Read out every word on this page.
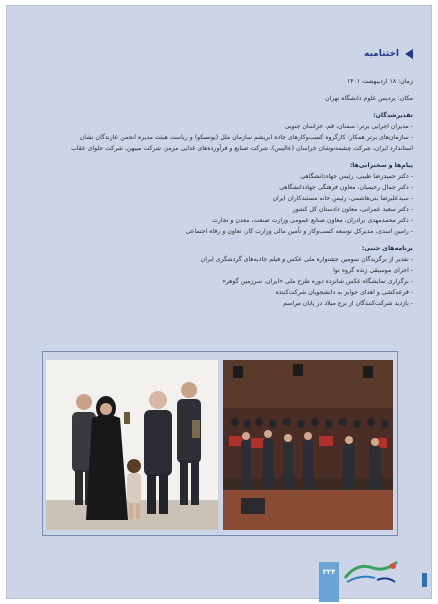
اختتامیه

زمان: ۱۸ اردیبهشت ۱۴۰۱

مکان: پردیس علوم دانشگاه تهران

تقدیرشدگان:

- مدیران اجرایی برتر: سمنان، قم، خراسان جنوبی

- سازمان‌های برتر همکار: کارگروه کسب‌وکارهای جاده ابریشم سازمان ملل (یونسکو) و ریاست هیئت مدیره انجمن عارندگان نشان

استاندارد ایران، شرکت چشمه‌نوشان خراسان (عالیس)، شرکت صنایع و فرآورده‌های غذایی مزمز، شرکت مییهن، شرکت حلوای عقاب

پیام‌ها و سخنرانی‌ها:

- دکتر حمیدرضا طیبی، رئیس جهاددانشگاهی

- دکتر جمال رحیمیان، معاون فرهنگی جهاددانشگاهی

- سیدعلیرضا بنی‌هاشمی، رئیس خانه مستندکاران ایران

- دکتر سعید عمرانی، معاون دادستان کل کشور

- دکتر محمدمهدی برادران، معاون صنایع عمومی وزارت صنعت، معدن و تجارت

- رامین اسدی، مدیرکل توسعه کسب‌وکار و تأمین مالی وزارت کار، تعاون و رفاه اجتماعی

برنامه‌های جنبی:

- تقدیر از برگزیدگان سومین جشنواره ملی عکس و فیلم جاذبه‌های گردشگری ایران

- اجرای موسیقی زنده گروه نوا

- برگزاری نمایشگاه عکس شانزده دوره طرح ملی «ایران، سرزمین گوهر»

- قرعه‌کشی و اهدای جوایز به دانشجویان شرکت‌کننده

- بازدید شرکت‌کنندگان از برج میلاد در پایان مراسم

۲۲۴
